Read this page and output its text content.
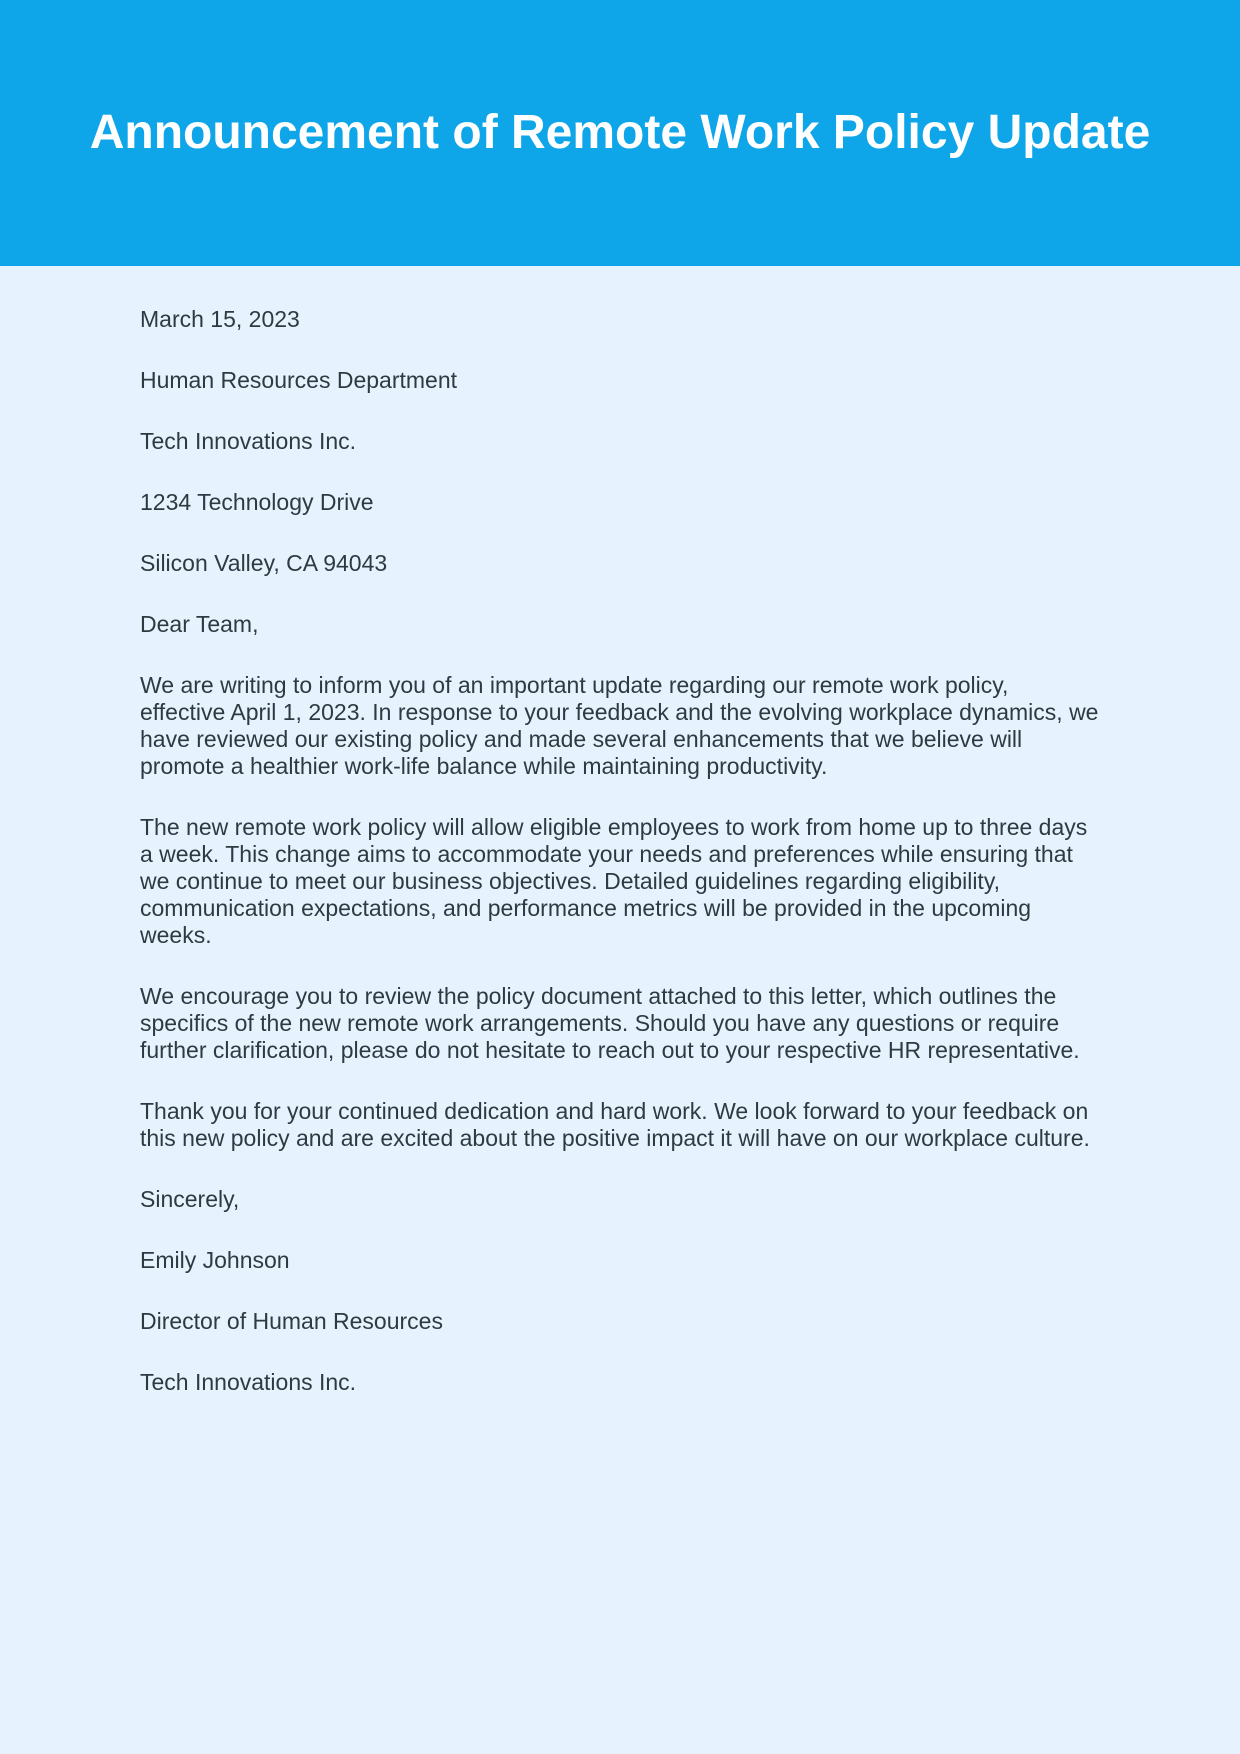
Announcement of Remote Work Policy Update

March 15, 2023

Human Resources Department

Tech Innovations Inc.

1234 Technology Drive

Silicon Valley, CA 94043

Dear Team,

We are writing to inform you of an important update regarding our remote work policy, effective April 1, 2023. In response to your feedback and the evolving workplace dynamics, we have reviewed our existing policy and made several enhancements that we believe will promote a healthier work-life balance while maintaining productivity.

The new remote work policy will allow eligible employees to work from home up to three days a week. This change aims to accommodate your needs and preferences while ensuring that we continue to meet our business objectives. Detailed guidelines regarding eligibility, communication expectations, and performance metrics will be provided in the upcoming weeks.

We encourage you to review the policy document attached to this letter, which outlines the specifics of the new remote work arrangements. Should you have any questions or require further clarification, please do not hesitate to reach out to your respective HR representative.

Thank you for your continued dedication and hard work. We look forward to your feedback on this new policy and are excited about the positive impact it will have on our workplace culture.

Sincerely,

Emily Johnson

Director of Human Resources

Tech Innovations Inc.
